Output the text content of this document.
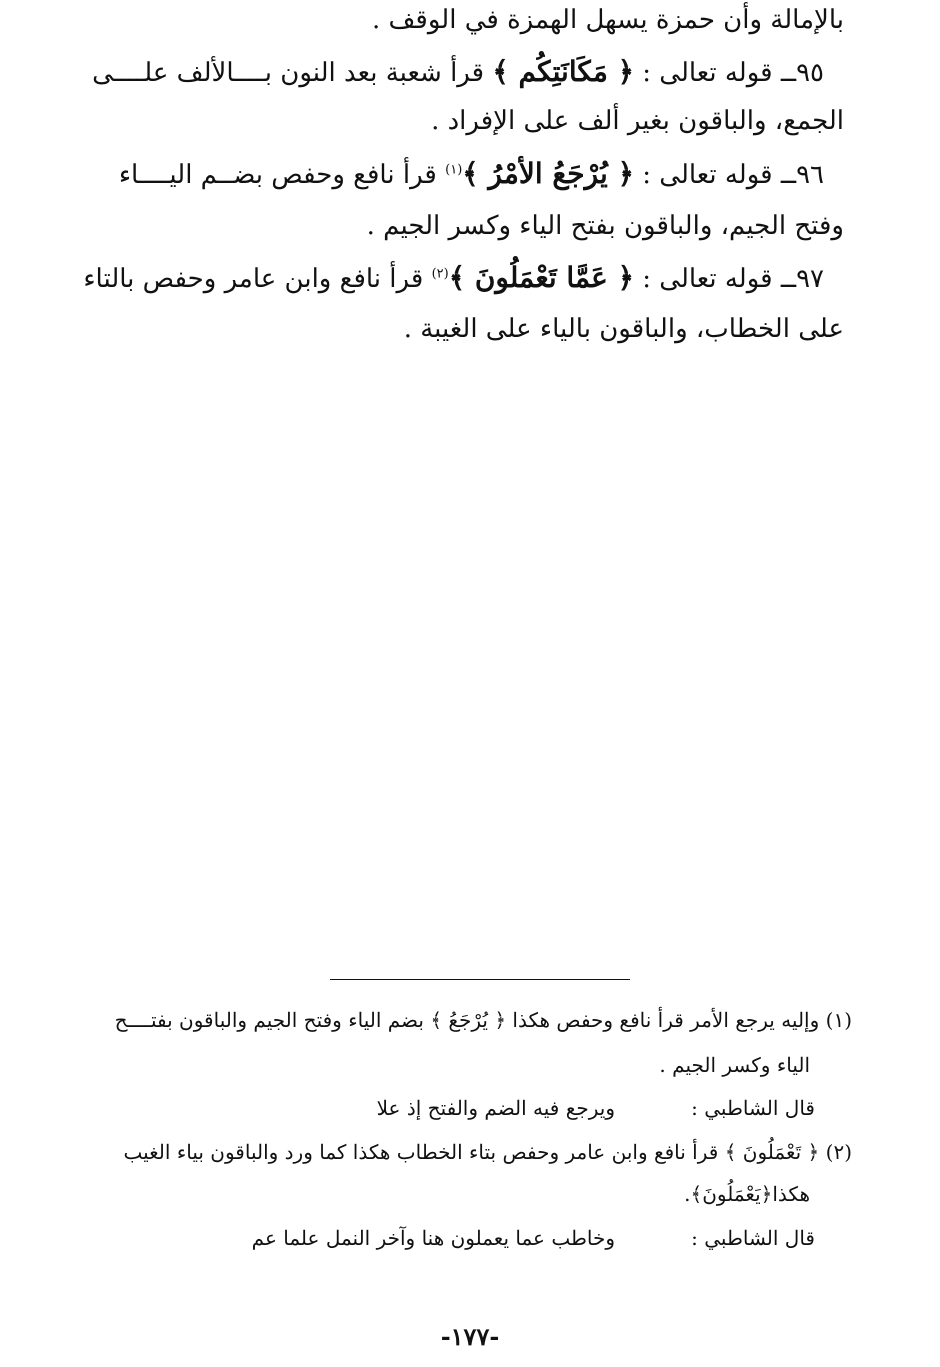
بالإمالة وأن حمزة يسهل الهمزة في الوقف .
٩٥ــ قوله تعالى : ﴿ مَكَانَتِكُم ﴾ قرأ شعبة بعد النون بــــالألف علــــى
الجمع، والباقون بغير ألف على الإفراد .
٩٦ــ قوله تعالى : ﴿ يُرْجَعُ الأمْرُ ﴾$^{(١)}$ قرأ نافع وحفص بضــم اليــــاء
وفتح الجيم، والباقون بفتح الياء وكسر الجيم .
٩٧ــ قوله تعالى : ﴿ عَمَّا تَعْمَلُونَ ﴾$^{(٢)}$ قرأ نافع وابن عامر وحفص بالتاء
على الخطاب، والباقون بالياء على الغيبة .
(١) وإليه يرجع الأمر قرأ نافع وحفص هكذا ﴿ يُرْجَعُ ﴾ بضم الياء وفتح الجيم والباقون بفتــــح
الياء وكسر الجيم .
قال الشاطبي :ويرجع فيه الضم والفتح إذ علا
(٢) ﴿ تَعْمَلُونَ ﴾ قرأ نافع وابن عامر وحفص بتاء الخطاب هكذا كما ورد والباقون بياء الغيب
هكذا﴿يَعْمَلُونَ﴾.
قال الشاطبي :وخاطب عما يعملون هنا وآخر النمل علما عم
-١٧٧-
